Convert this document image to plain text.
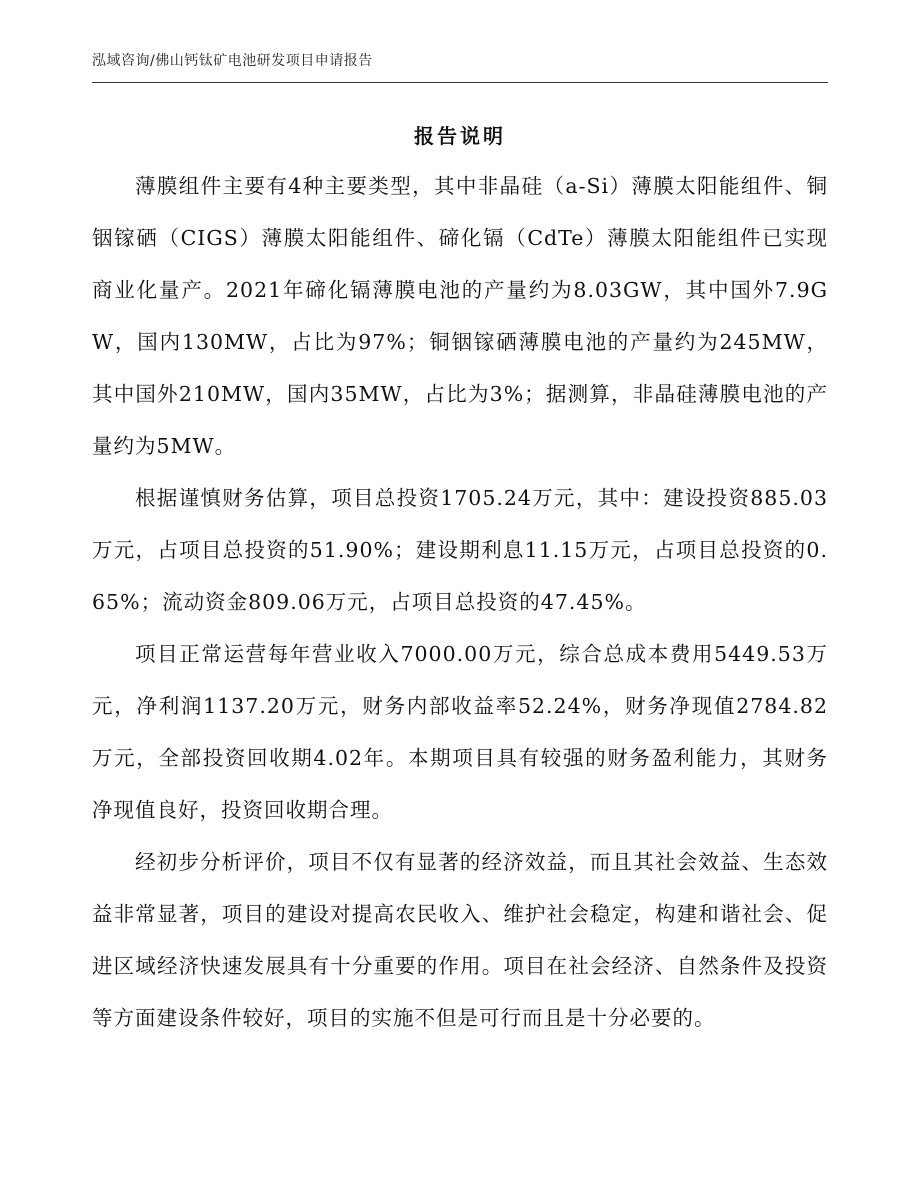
泓域咨询/佛山钙钛矿电池研发项目申请报告
报告说明

薄膜组件主要有4种主要类型，其中非晶硅（a-Si）薄膜太阳能组件、铜铟镓硒（CIGS）薄膜太阳能组件、碲化镉（CdTe）薄膜太阳能组件已实现商业化量产。2021年碲化镉薄膜电池的产量约为8.03GW，其中国外7.9GW，国内130MW，占比为97%；铜铟镓硒薄膜电池的产量约为245MW，其中国外210MW，国内35MW，占比为3%；据测算，非晶硅薄膜电池的产量约为5MW。

根据谨慎财务估算，项目总投资1705.24万元，其中：建设投资885.03万元，占项目总投资的51.90%；建设期利息11.15万元，占项目总投资的0.65%；流动资金809.06万元，占项目总投资的47.45%。

项目正常运营每年营业收入7000.00万元，综合总成本费用5449.53万元，净利润1137.20万元，财务内部收益率52.24%，财务净现值2784.82万元，全部投资回收期4.02年。本期项目具有较强的财务盈利能力，其财务净现值良好，投资回收期合理。

经初步分析评价，项目不仅有显著的经济效益，而且其社会效益、生态效益非常显著，项目的建设对提高农民收入、维护社会稳定，构建和谐社会、促进区域经济快速发展具有十分重要的作用。项目在社会经济、自然条件及投资等方面建设条件较好，项目的实施不但是可行而且是十分必要的。
